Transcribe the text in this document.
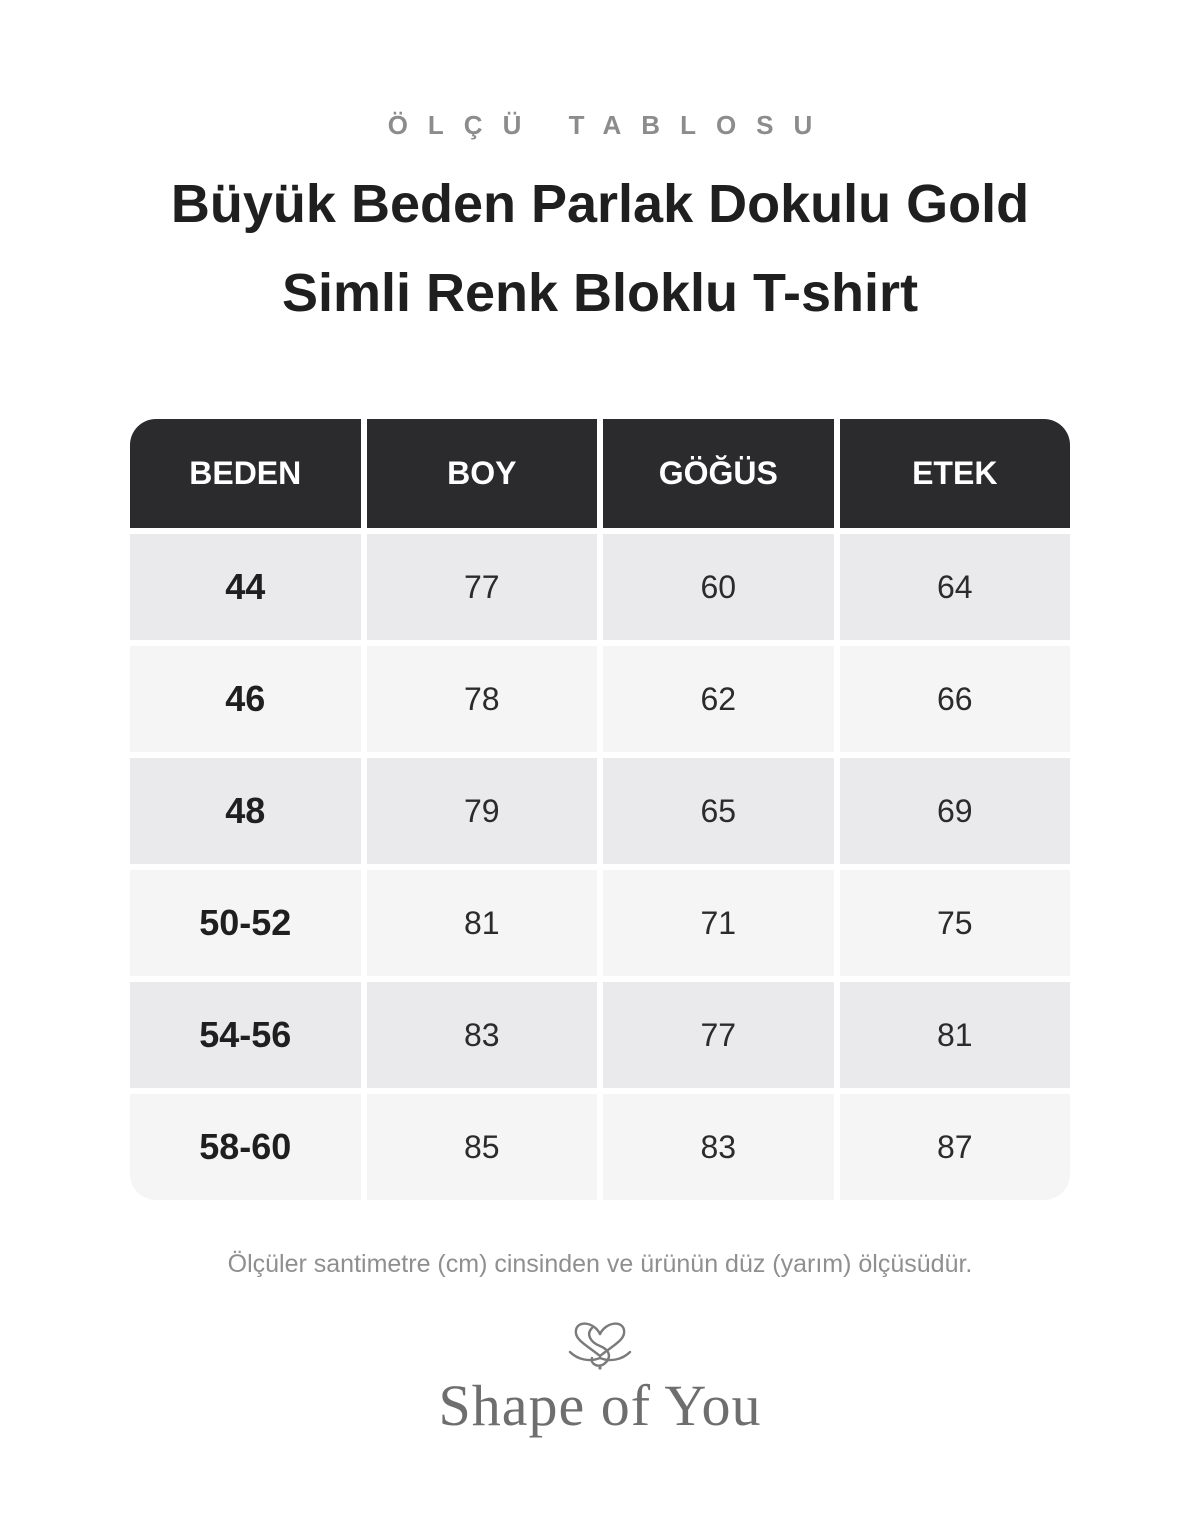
ÖLÇÜ TABLOSU
Büyük Beden Parlak Dokulu Gold Simli Renk Bloklu T-shirt
BEDEN	BOY	GÖĞÜS	ETEK
44	77	60	64
46	78	62	66
48	79	65	69
50-52	81	71	75
54-56	83	77	81
58-60	85	83	87
Ölçüler santimetre (cm) cinsinden ve ürünün düz (yarım) ölçüsüdür.
Shape of You
